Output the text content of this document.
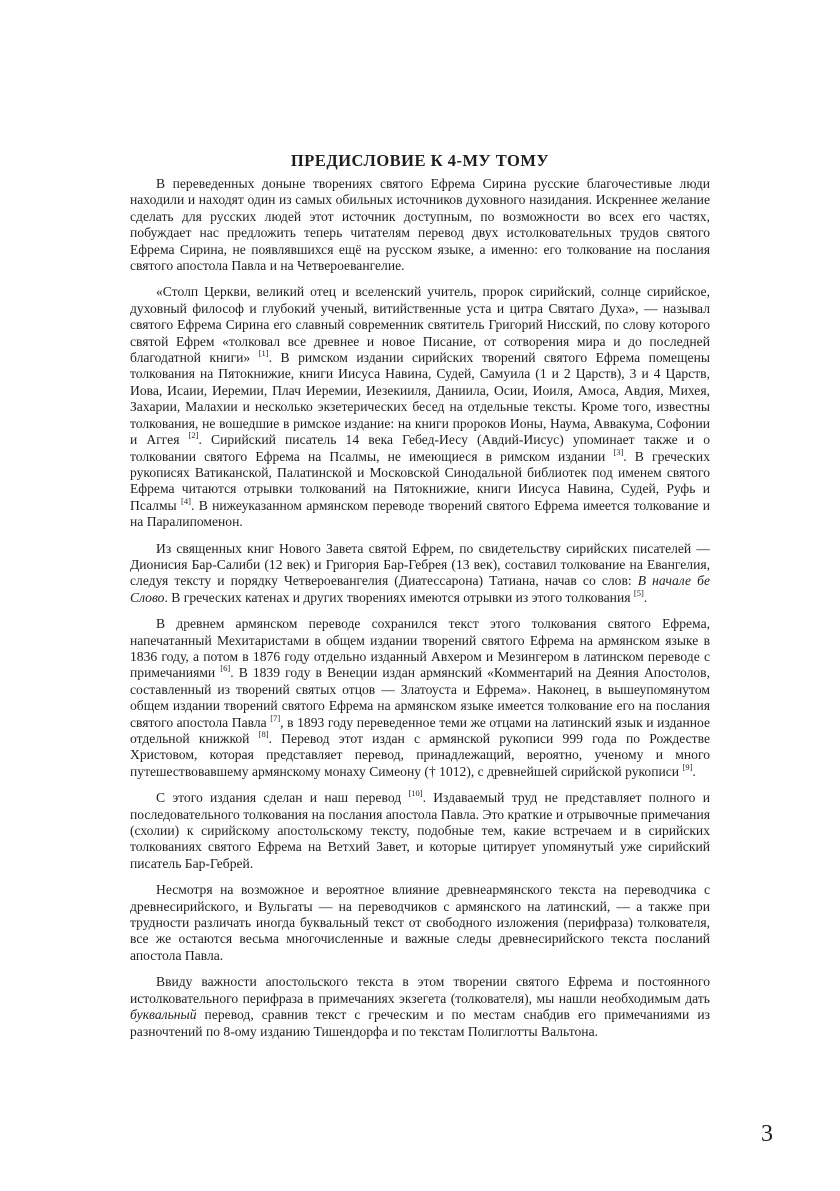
ПРЕДИСЛОВИЕ К 4-МУ ТОМУ

В переведенных доныне творениях святого Ефрема Сирина русские благочестивые люди находили и находят один из самых обильных источников духовного назидания. Искреннее желание сделать для русских людей этот источник доступным, по возможности во всех его частях, побуждает нас предложить теперь читателям перевод двух истолковательных трудов святого Ефрема Сирина, не появлявшихся ещё на русском языке, а именно: его толкование на послания святого апостола Павла и на Четвероевангелие.

«Столп Церкви, великий отец и вселенский учитель, пророк сирийский, солнце сирийское, духовный философ и глубокий ученый, витийственные уста и цитра Святаго Духа», — называл святого Ефрема Сирина его славный современник святитель Григорий Нисский, по слову которого святой Ефрем «толковал все древнее и новое Писание, от сотворения мира и до последней благодатной книги» [1]. В римском издании сирийских творений святого Ефрема помещены толкования на Пятокнижие, книги Иисуса Навина, Судей, Самуила (1 и 2 Царств), 3 и 4 Царств, Иова, Исаии, Иеремии, Плач Иеремии, Иезекииля, Даниила, Осии, Иоиля, Амоса, Авдия, Михея, Захарии, Малахии и несколько экзетерических бесед на отдельные тексты. Кроме того, известны толкования, не вошедшие в римское издание: на книги пророков Ионы, Наума, Аввакума, Софонии и Аггея [2]. Сирийский писатель 14 века Гебед-Иесу (Авдий-Иисус) упоминает также и о толковании святого Ефрема на Псалмы, не имеющиеся в римском издании [3]. В греческих рукописях Ватиканской, Палатинской и Московской Синодальной библиотек под именем святого Ефрема читаются отрывки толкований на Пятокнижие, книги Иисуса Навина, Судей, Руфь и Псалмы [4]. В нижеуказанном армянском переводе творений святого Ефрема имеется толкование и на Паралипоменон.

Из священных книг Нового Завета святой Ефрем, по свидетельству сирийских писателей — Дионисия Бар-Салиби (12 век) и Григория Бар-Гебрея (13 век), составил толкование на Евангелия, следуя тексту и порядку Четвероевангелия (Диатессарона) Татиана, начав со слов: В начале бе Слово. В греческих катенах и других творениях имеются отрывки из этого толкования [5].

В древнем армянском переводе сохранился текст этого толкования святого Ефрема, напечатанный Мехитаристами в общем издании творений святого Ефрема на армянском языке в 1836 году, а потом в 1876 году отдельно изданный Авхером и Мезингером в латинском переводе с примечаниями [6]. В 1839 году в Венеции издан армянский «Комментарий на Деяния Апостолов, составленный из творений святых отцов — Златоуста и Ефрема». Наконец, в вышеупомянутом общем издании творений святого Ефрема на армянском языке имеется толкование его на послания святого апостола Павла [7], в 1893 году переведенное теми же отцами на латинский язык и изданное отдельной книжкой [8]. Перевод этот издан с армянской рукописи 999 года по Рождестве Христовом, которая представляет перевод, принадлежащий, вероятно, ученому и много путешествовавшему армянскому монаху Симеону († 1012), с древнейшей сирийской рукописи [9].

С этого издания сделан и наш перевод [10]. Издаваемый труд не представляет полного и последовательного толкования на послания апостола Павла. Это краткие и отрывочные примечания (схолии) к сирийскому апостольскому тексту, подобные тем, какие встречаем и в сирийских толкованиях святого Ефрема на Ветхий Завет, и которые цитирует упомянутый уже сирийский писатель Бар-Гебрей.

Несмотря на возможное и вероятное влияние древнеармянского текста на переводчика с древнесирийского, и Вульгаты — на переводчиков с армянского на латинский, — а также при трудности различать иногда буквальный текст от свободного изложения (перифраза) толкователя, все же остаются весьма многочисленные и важные следы древнесирийского текста посланий апостола Павла.

Ввиду важности апостольского текста в этом творении святого Ефрема и постоянного истолковательного перифраза в примечаниях экзегета (толкователя), мы нашли необходимым дать буквальный перевод, сравнив текст с греческим и по местам снабдив его примечаниями из разночтений по 8-ому изданию Тишендорфа и по текстам Полиглотты Вальтона.

3
